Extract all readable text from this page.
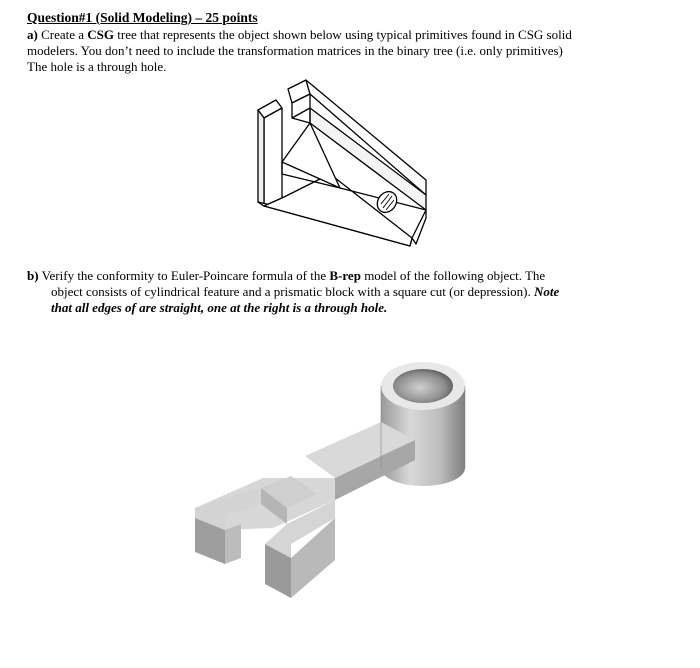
Question#1 (Solid Modeling) – 25 points
a) Create a CSG tree that represents the object shown below using typical primitives found in CSG solid
modelers. You don’t need to include the transformation matrices in the binary tree (i.e. only primitives)
The hole is a through hole.
b) Verify the conformity to Euler-Poincare formula of the B-rep model of the following object. The
object consists of cylindrical feature and a prismatic block with a square cut (or depression). Note
that all edges of are straight, one at the right is a through hole.
